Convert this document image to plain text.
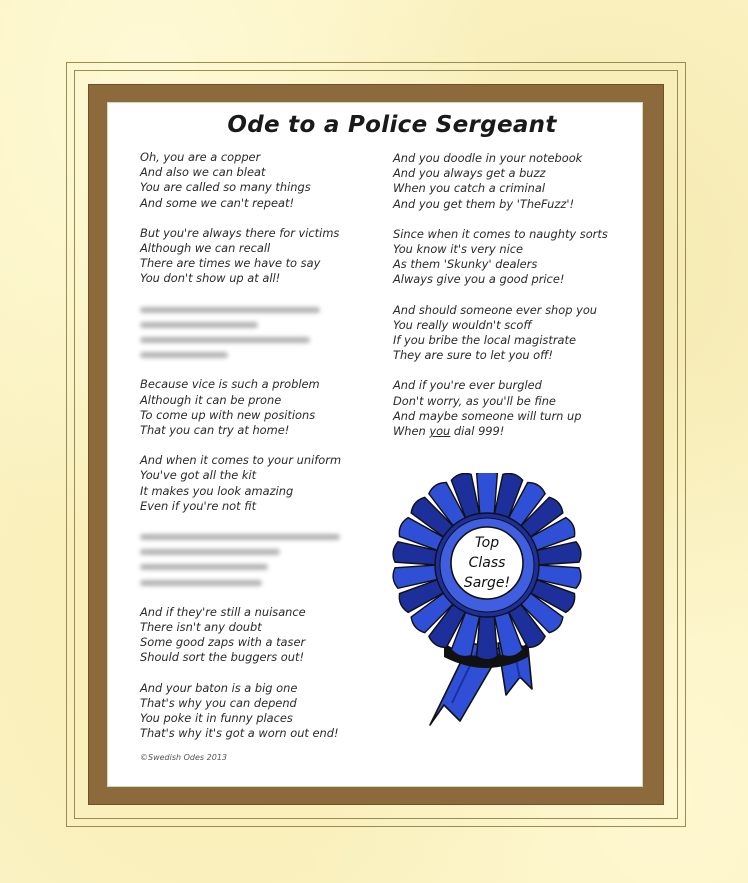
Ode to a Police Sergeant
Oh, you are a copper
And also we can bleat
You are called so many things
And some we can't repeat!
But you're always there for victims
Although we can recall
There are times we have to say
You don't show up at all!
Because vice is such a problem
Although it can be prone
To come up with new positions
That you can try at home!
And when it comes to your uniform
You've got all the kit
It makes you look amazing
Even if you're not fit
And if they're still a nuisance
There isn't any doubt
Some good zaps with a taser
Should sort the buggers out!
And your baton is a big one
That's why you can depend
You poke it in funny places
That's why it's got a worn out end!
And you doodle in your notebook
And you always get a buzz
When you catch a criminal
And you get them by 'TheFuzz'!
Since when it comes to naughty sorts
You know it's very nice
As them 'Skunky' dealers
Always give you a good price!
And should someone ever shop you
You really wouldn't scoff
If you bribe the local magistrate
They are sure to let you off!
And if you're ever burgled
Don't worry, as you'll be fine
And maybe someone will turn up
When you dial 999!
Top
Class
Sarge!
©Swedish Odes 2013
